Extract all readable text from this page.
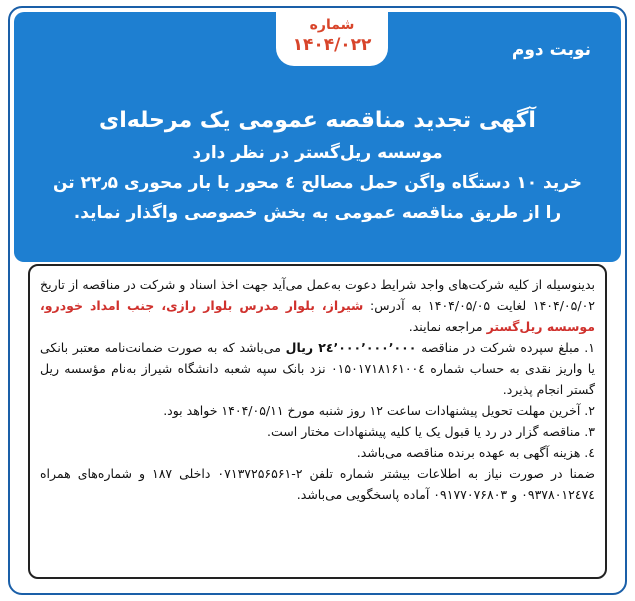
شماره
۱۴۰۴/۰۲۲	نوبت دوم
آگهی تجدید مناقصه عمومی یک مرحله‌ای
موسسه ریل‌گستر در نظر دارد
خرید ۱۰ دستگاه واگن حمل مصالح ٤ محور با بار محوری ۲۲٫۵ تن
را از طریق مناقصه عمومی به بخش خصوصی واگذار نماید.

بدینوسیله از کلیه شرکت‌های واجد شرایط دعوت به‌عمل می‌آید جهت اخذ اسناد و شرکت در مناقصه از تاریخ ۱۴۰۴/۰۵/۰۲ لغایت ۱۴۰۴/۰۵/۰۵ به آدرس: شیراز، بلوار مدرس بلوار رازی، جنب امداد خودرو، موسسه ریل‌گستر مراجعه نمایند.

۱. مبلغ سپرده شرکت در مناقصه ۲٤٬۰۰۰٬۰۰۰٬۰۰۰ ریال می‌باشد که به صورت ضمانت‌نامه معتبر بانکی یا واریز نقدی به حساب شماره ۰۱۵۰۱۷۱۸۱۶۱۰۰٤ نزد بانک سپه شعبه دانشگاه شیراز به‌نام مؤسسه ریل گستر انجام پذیرد.

۲. آخرین مهلت تحویل پیشنهادات ساعت ۱۲ روز شنبه مورخ ۱۴۰۴/۰۵/۱۱ خواهد بود.

۳. مناقصه گزار در رد یا قبول یک یا کلیه پیشنهادات مختار است.

٤. هزینه آگهی به عهده برنده مناقصه می‌باشد.

ضمنا در صورت نیاز به اطلاعات بیشتر شماره تلفن ۲-۰۷۱۳۷۲۵۶۵۶۱ داخلی ۱۸۷ و شماره‌های همراه ۰۹۳۷۸۰۱۲٤۷٤ و ۰۹۱۷۷۰۷۶۸۰۳ آماده پاسخگویی می‌باشد.
